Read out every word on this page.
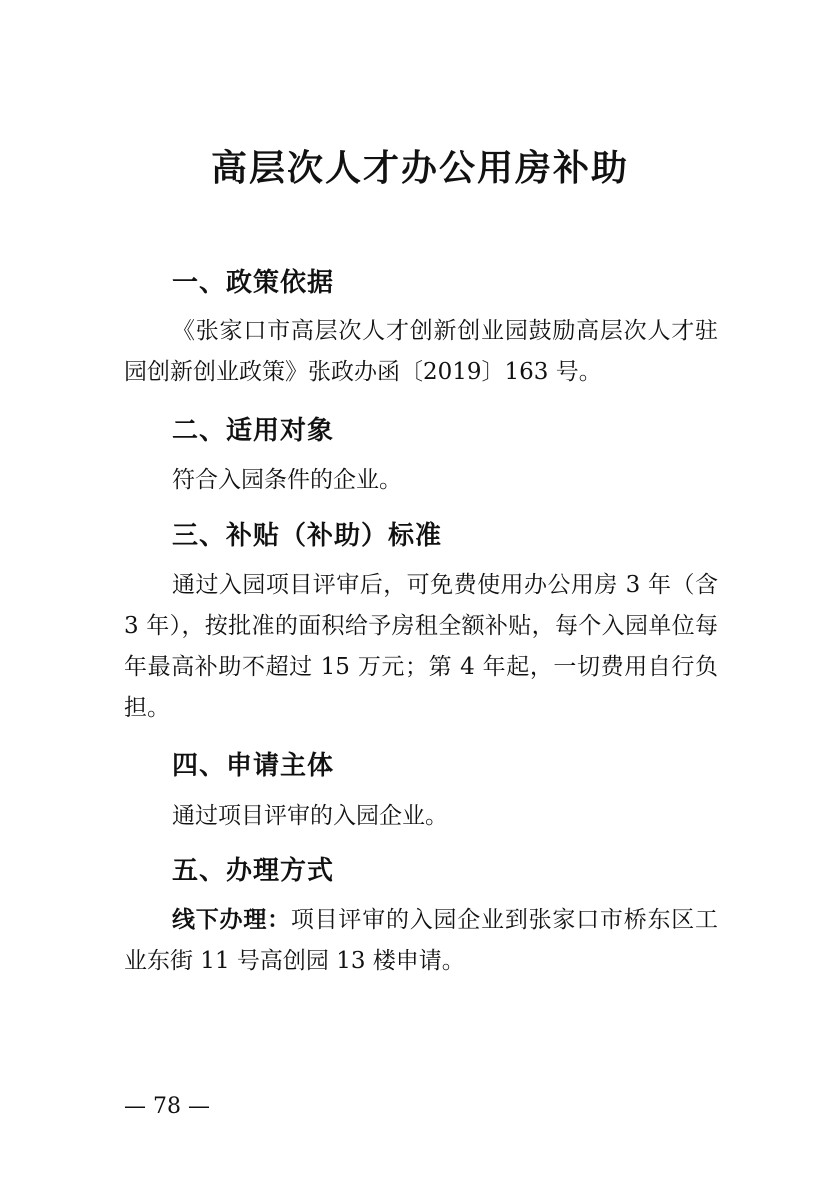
高层次人才办公用房补助
一、政策依据

《张家口市高层次人才创新创业园鼓励高层次人才驻园创新创业政策》张政办函〔2019〕163 号。

二、适用对象

符合入园条件的企业。

三、补贴（补助）标准

通过入园项目评审后，可免费使用办公用房 3 年（含 3 年），按批准的面积给予房租全额补贴，每个入园单位每年最高补助不超过 15 万元；第 4 年起，一切费用自行负担。

四、申请主体

通过项目评审的入园企业。

五、办理方式

线下办理：项目评审的入园企业到张家口市桥东区工业东街 11 号高创园 13 楼申请。

— 78 —
